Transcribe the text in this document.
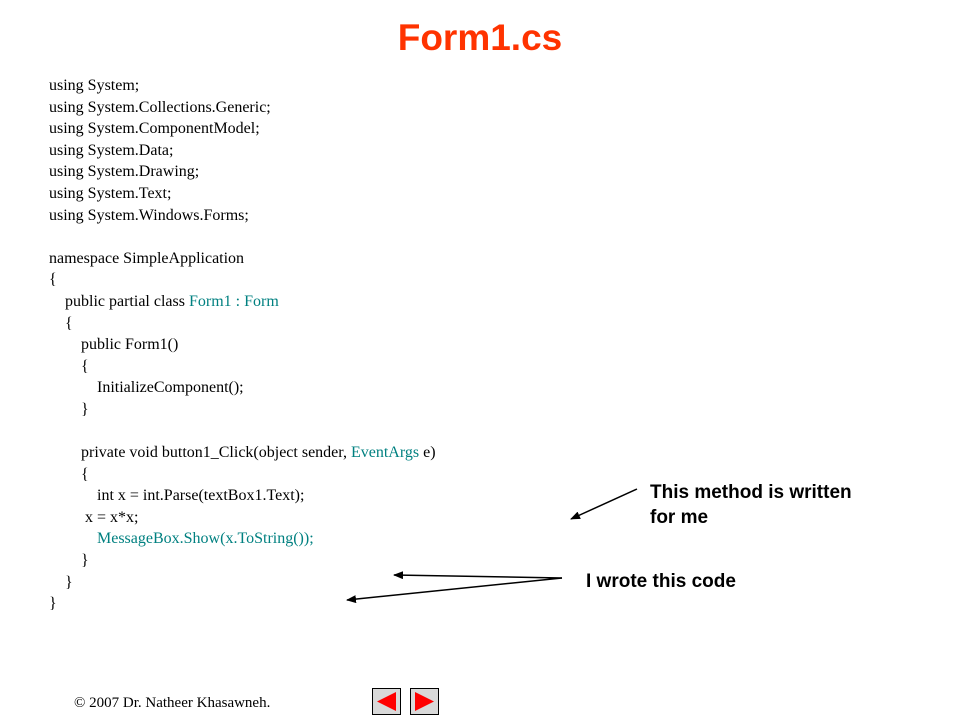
Form1.cs
using System;
using System.Collections.Generic;
using System.ComponentModel;
using System.Data;
using System.Drawing;
using System.Text;
using System.Windows.Forms;
namespace SimpleApplication
{
public partial class Form1 : Form
{
public Form1()
{
InitializeComponent();
}
private void button1_Click(object sender, EventArgs e)
{
int x = int.Parse(textBox1.Text);
x = x*x;
MessageBox.Show(x.ToString());
}
}
}
This method is written
for me
I wrote this code
© 2007 Dr. Natheer Khasawneh.
